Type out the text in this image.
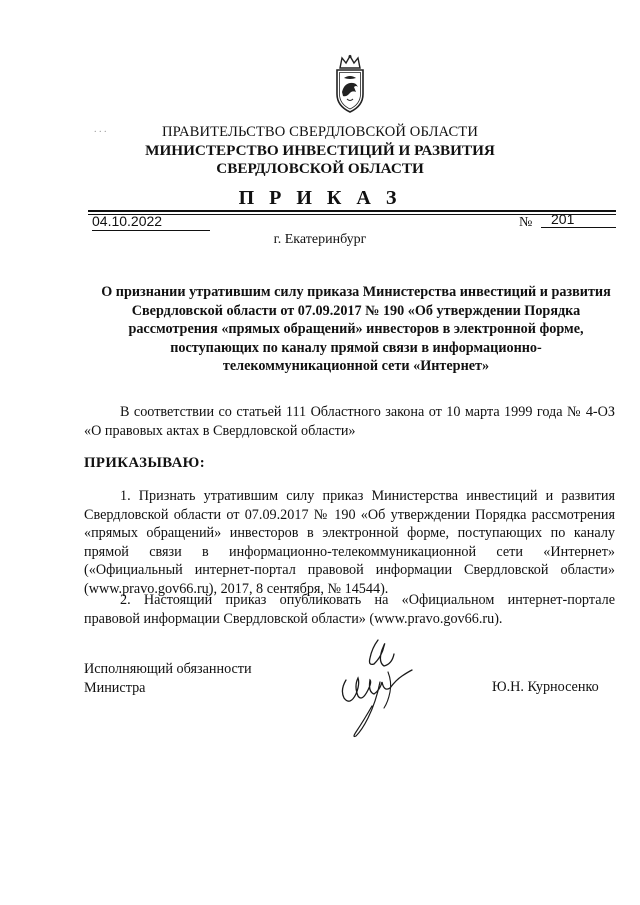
. . .	ПРАВИТЕЛЬСТВО СВЕРДЛОВСКОЙ ОБЛАСТИ
МИНИСТЕРСТВО ИНВЕСТИЦИЙ И РАЗВИТИЯ
СВЕРДЛОВСКОЙ ОБЛАСТИ
П Р И К А З
04.10.2022	№	201
г. Екатеринбург
О признании утратившим силу приказа Министерства инвестиций и развития Свердловской области от 07.09.2017 № 190 «Об утверждении Порядка рассмотрения «прямых обращений» инвесторов в электронной форме, поступающих по каналу прямой связи в информационно-телекоммуникационной сети «Интернет»
В соответствии со статьей 111 Областного закона от 10 марта 1999 года № 4-ОЗ «О правовых актах в Свердловской области»
ПРИКАЗЫВАЮ:
1. Признать утратившим силу приказ Министерства инвестиций и развития Свердловской области от 07.09.2017 № 190 «Об утверждении Порядка рассмотрения «прямых обращений» инвесторов в электронной форме, поступающих по каналу прямой связи в информационно-телекоммуникационной сети «Интернет» («Официальный интернет-портал правовой информации Свердловской области» (www.pravo.gov66.ru), 2017, 8 сентября, № 14544).
2. Настоящий приказ опубликовать на «Официальном интернет-портале правовой информации Свердловской области» (www.pravo.gov66.ru).
Исполняющий обязанности
Министра	Ю.Н. Курносенко
